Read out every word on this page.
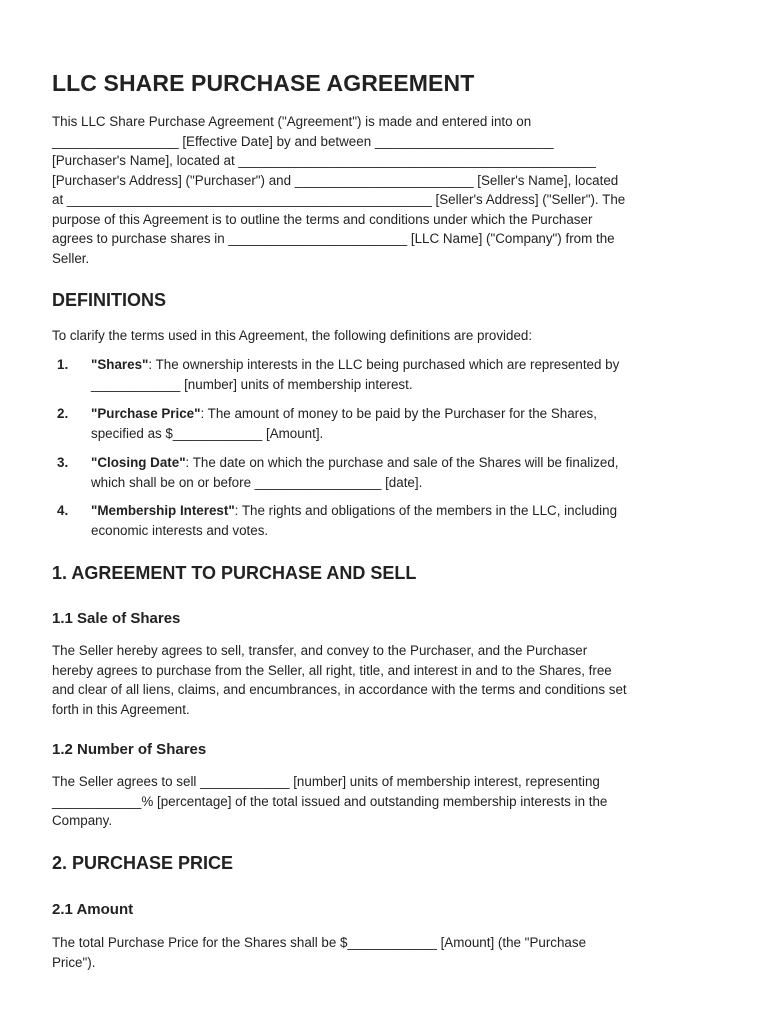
LLC SHARE PURCHASE AGREEMENT

This LLC Share Purchase Agreement ("Agreement") is made and entered into on
_________________ [Effective Date] by and between ________________________
[Purchaser's Name], located at ________________________________________________
[Purchaser's Address] ("Purchaser") and ________________________ [Seller's Name], located
at _________________________________________________ [Seller's Address] ("Seller"). The
purpose of this Agreement is to outline the terms and conditions under which the Purchaser
agrees to purchase shares in ________________________ [LLC Name] ("Company") from the
Seller.

DEFINITIONS

To clarify the terms used in this Agreement, the following definitions are provided:

1. "Shares": The ownership interests in the LLC being purchased which are represented by
____________ [number] units of membership interest.
2. "Purchase Price": The amount of money to be paid by the Purchaser for the Shares,
specified as $____________ [Amount].
3. "Closing Date": The date on which the purchase and sale of the Shares will be finalized,
which shall be on or before _________________ [date].
4. "Membership Interest": The rights and obligations of the members in the LLC, including
economic interests and votes.
1. AGREEMENT TO PURCHASE AND SELL
1.1 Sale of Shares

The Seller hereby agrees to sell, transfer, and convey to the Purchaser, and the Purchaser
hereby agrees to purchase from the Seller, all right, title, and interest in and to the Shares, free
and clear of all liens, claims, and encumbrances, in accordance with the terms and conditions set
forth in this Agreement.

1.2 Number of Shares

The Seller agrees to sell ____________ [number] units of membership interest, representing
____________% [percentage] of the total issued and outstanding membership interests in the
Company.

2. PURCHASE PRICE
2.1 Amount

The total Purchase Price for the Shares shall be $____________ [Amount] (the "Purchase
Price").
